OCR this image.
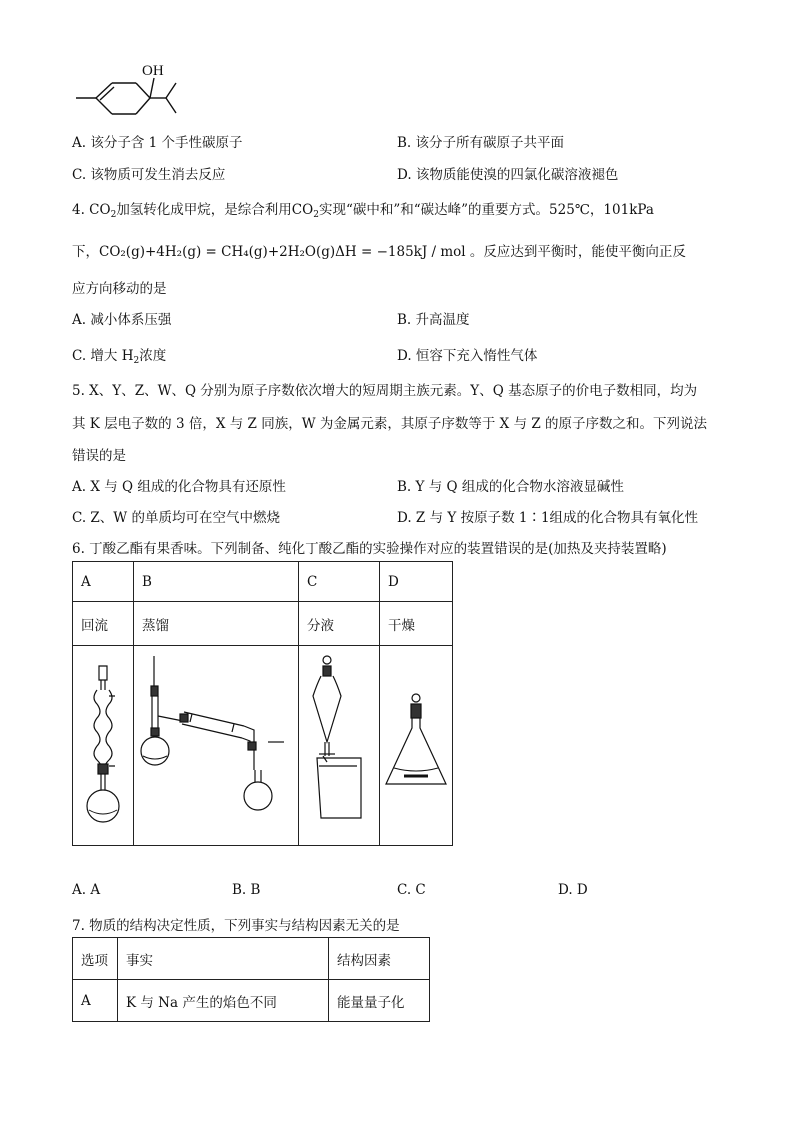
OH
A. 该分子含 1 个手性碳原子	B. 该分子所有碳原子共平面
C. 该物质可发生消去反应	D. 该物质能使溴的四氯化碳溶液褪色
4. $CO_2$加氢转化成甲烷，是综合利用$CO_2$实现“碳中和”和“碳达峰”的重要方式。525℃，101kPa
下，CO₂(g)+4H₂(g) = CH₄(g)+2H₂O(g)ΔH = −185kJ / mol 。反应达到平衡时，能使平衡向正反
应方向移动的是
A. 减小体系压强	B. 升高温度
C. 增大 $H_2$浓度	D. 恒容下充入惰性气体
5. X、Y、Z、W、Q 分别为原子序数依次增大的短周期主族元素。Y、Q 基态原子的价电子数相同，均为
其 K 层电子数的 3 倍，X 与 Z 同族，W 为金属元素，其原子序数等于 X 与 Z 的原子序数之和。下列说法
错误的是
A. X 与 Q 组成的化合物具有还原性	B. Y 与 Q 组成的化合物水溶液显碱性
C. Z、W 的单质均可在空气中燃烧	D. Z 与 Y 按原子数 1∶1组成的化合物具有氧化性
6. 丁酸乙酯有果香味。下列制备、纯化丁酸乙酯的实验操作对应的装置错误的是(加热及夹持装置略)
A	B	C	D
回流	蒸馏	分液	干燥

A. A	B. B	C. C	D. D
7. 物质的结构决定性质，下列事实与结构因素无关的是
选项	事实	结构因素
A	K 与 Na 产生的焰色不同	能量量子化
